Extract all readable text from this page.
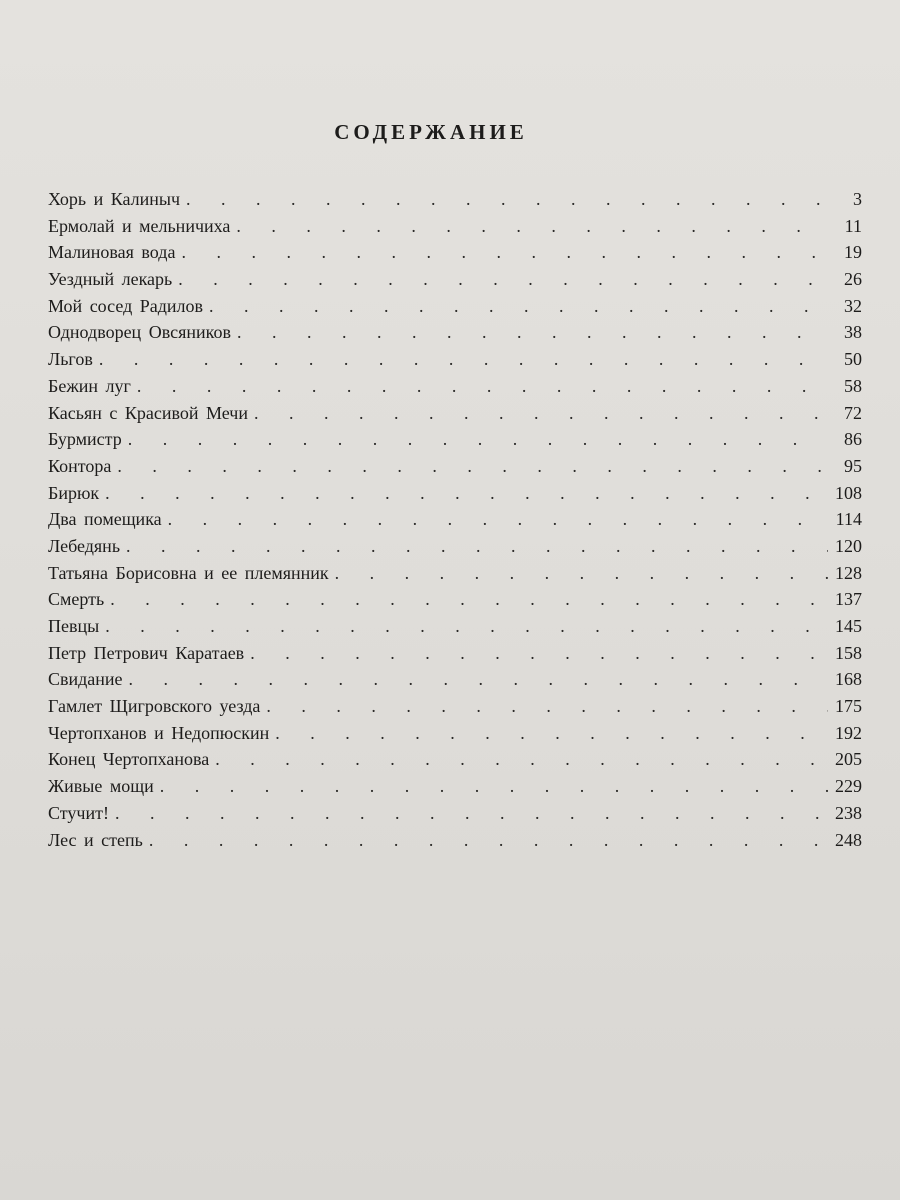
СОДЕРЖАНИЕ
Хорь и Калиныч . . .	3
Ермолай и мельничиха . . .	11
Малиновая вода . . .	19
Уездный лекарь . . .	26
Мой сосед Радилов . . .	32
Однодворец Овсяников . . .	38
Льгов . . .	50
Бежин луг . . .	58
Касьян с Красивой Мечи . . .	72
Бурмистр . . .	86
Контора . . .	95
Бирюк . . .	108
Два помещика . . .	114
Лебедянь . . .	120
Татьяна Борисовна и ее племянник . . .	128
Смерть . . .	137
Певцы . . .	145
Петр Петрович Каратаев . . .	158
Свидание . . .	168
Гамлет Щигровского уезда . . .	175
Чертопханов и Недопюскин . . .	192
Конец Чертопханова . . .	205
Живые мощи . . .	229
Стучит! . . .	238
Лес и степь . . .	248
